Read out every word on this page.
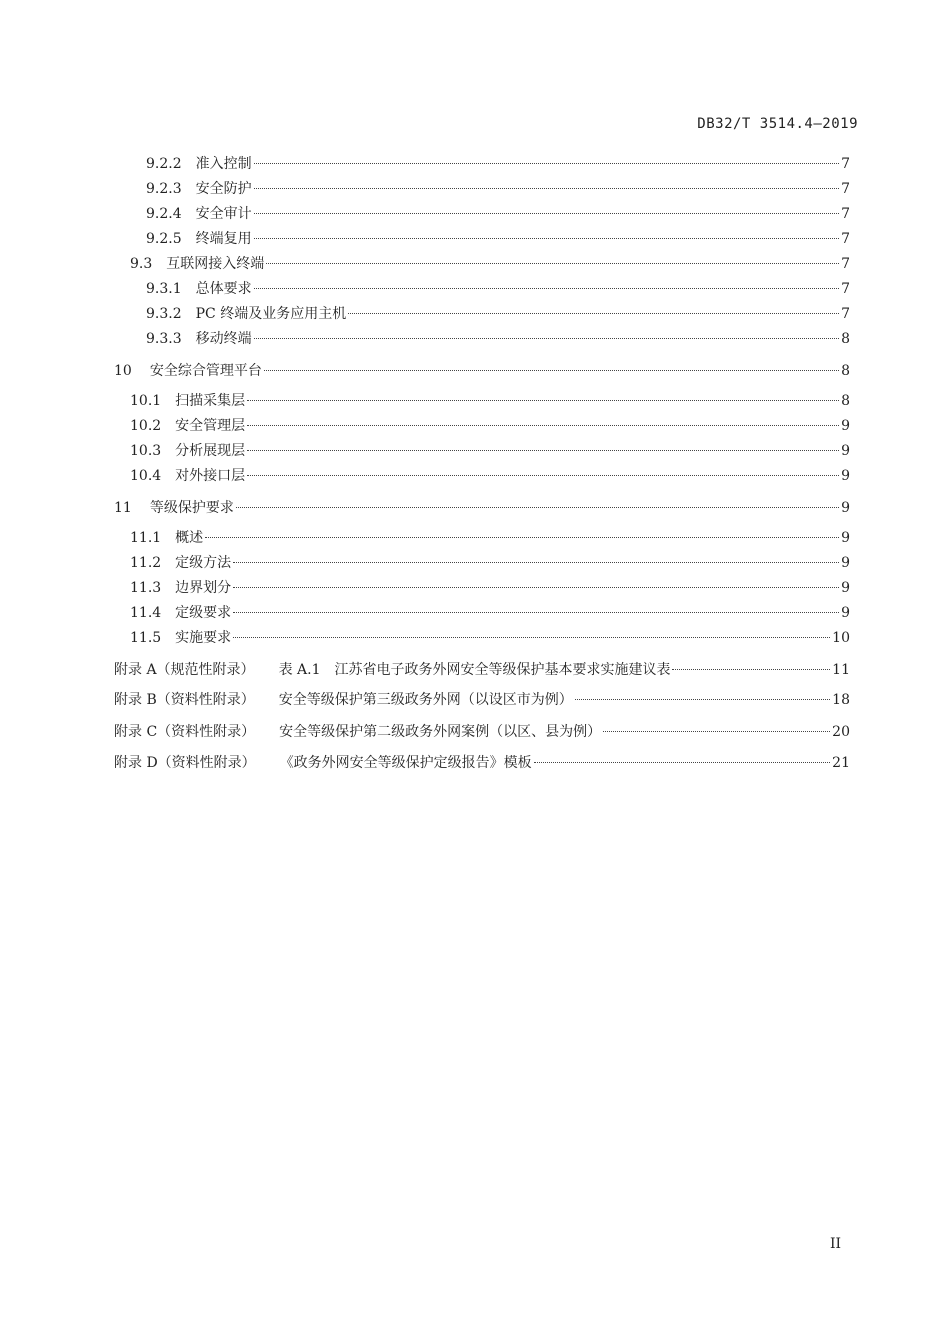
DB32/T 3514.4—2019
9.2.2 准入控制	7
9.2.3 安全防护	7
9.2.4 安全审计	7
9.2.5 终端复用	7
9.3 互联网接入终端	7
9.3.1 总体要求	7
9.3.2 PC 终端及业务应用主机	7
9.3.3 移动终端	8
10 安全综合管理平台	8
10.1 扫描采集层	8
10.2 安全管理层	9
10.3 分析展现层	9
10.4 对外接口层	9
11 等级保护要求	9
11.1 概述	9
11.2 定级方法	9
11.3 边界划分	9
11.4 定级要求	9
11.5 实施要求	10
附录 A（规范性附录） 表 A.1　江苏省电子政务外网安全等级保护基本要求实施建议表	11
附录 B（资料性附录） 安全等级保护第三级政务外网（以设区市为例）	18
附录 C（资料性附录） 安全等级保护第二级政务外网案例（以区、县为例）	20
附录 D（资料性附录） 《政务外网安全等级保护定级报告》模板	21
II
